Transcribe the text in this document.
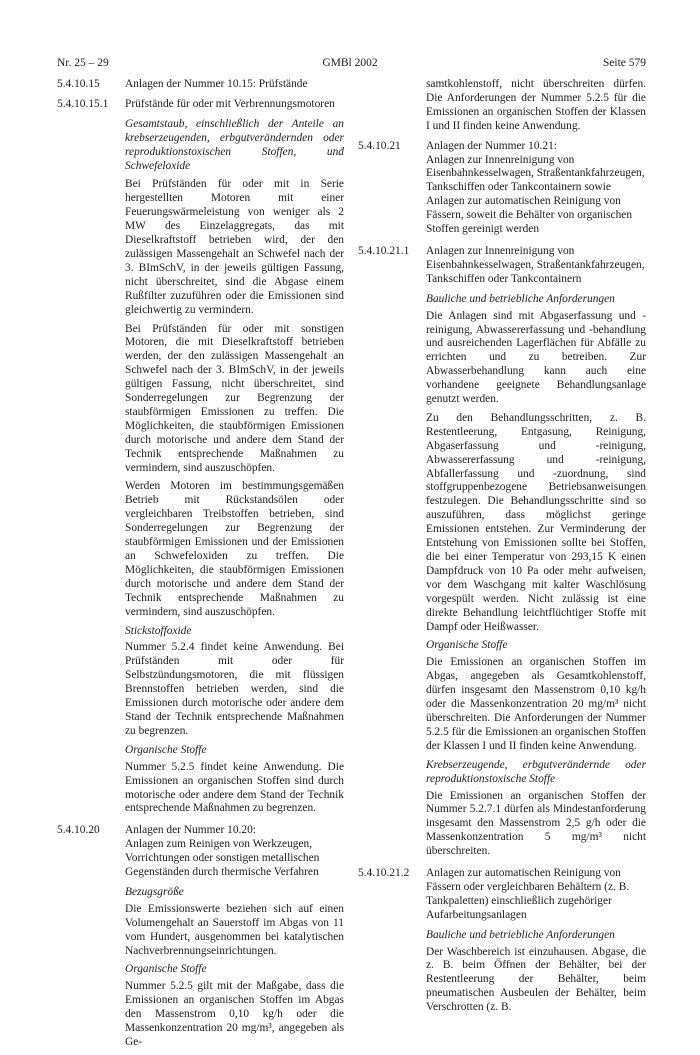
Nr. 25 – 29	GMBl 2002	Seite 579
5.4.10.15	Anlagen der Nummer 10.15: Prüfstände
5.4.10.15.1	Prüfstände für oder mit Verbrennungsmotoren

Gesamtstaub, einschließlich der Anteile an krebserzeugenden, erbgutverändernden oder reproduktionstoxischen Stoffen, und Schwefeloxide

Bei Prüfständen für oder mit in Serie hergestellten Motoren mit einer Feuerungswärmeleistung von weniger als 2 MW des Einzelaggregats, das mit Dieselkraftstoff betrieben wird, der den zulässigen Massengehalt an Schwefel nach der 3. BImSchV, in der jeweils gültigen Fassung, nicht überschreitet, sind die Abgase einem Rußfilter zuzuführen oder die Emissionen sind gleichwertig zu vermindern.

Bei Prüfständen für oder mit sonstigen Motoren, die mit Dieselkraftstoff betrieben werden, der den zulässigen Massengehalt an Schwefel nach der 3. BImSchV, in der jeweils gültigen Fassung, nicht überschreitet, sind Sonderregelungen zur Begrenzung der staubförmigen Emissionen zu treffen. Die Möglichkeiten, die staubförmigen Emissionen durch motorische und andere dem Stand der Technik entsprechende Maßnahmen zu vermindern, sind auszuschöpfen.

Werden Motoren im bestimmungsgemäßen Betrieb mit Rückstandsölen oder vergleichbaren Treibstoffen betrieben, sind Sonderregelungen zur Begrenzung der staubförmigen Emissionen und der Emissionen an Schwefeloxiden zu treffen. Die Möglichkeiten, die staubförmigen Emissionen durch motorische und andere dem Stand der Technik entsprechende Maßnahmen zu vermindern, sind auszuschöpfen.

Stickstoffoxide

Nummer 5.2.4 findet keine Anwendung. Bei Prüfständen mit oder für Selbstzündungsmotoren, die mit flüssigen Brennstoffen betrieben werden, sind die Emissionen durch motorische oder andere dem Stand der Technik entsprechende Maßnahmen zu begrenzen.

Organische Stoffe

Nummer 5.2.5 findet keine Anwendung. Die Emissionen an organischen Stoffen sind durch motorische oder andere dem Stand der Technik entsprechende Maßnahmen zu begrenzen.

5.4.10.20	Anlagen der Nummer 10.20:

Anlagen zum Reinigen von Werkzeugen, Vorrichtungen oder sonstigen metallischen Gegenständen durch thermische Verfahren

Bezugsgröße

Die Emissionswerte beziehen sich auf einen Volumengehalt an Sauerstoff im Abgas von 11 vom Hundert, ausgenommen bei katalytischen Nachverbrennungseinrichtungen.

Organische Stoffe

Nummer 5.2.5 gilt mit der Maßgabe, dass die Emissionen an organischen Stoffen im Abgas den Massenstrom 0,10 kg/h oder die Massenkonzentration 20 mg/m³, angegeben als Ge-

samtkohlenstoff, nicht überschreiten dürfen. Die Anforderungen der Nummer 5.2.5 für die Emissionen an organischen Stoffen der Klassen I und II finden keine Anwendung.
5.4.10.21	Anlagen der Nummer 10.21:

Anlagen zur Innenreinigung von Eisenbahnkesselwagen, Straßentankfahrzeugen, Tankschiffen oder Tankcontainern sowie Anlagen zur automatischen Reinigung von Fässern, soweit die Behälter von organischen Stoffen gereinigt werden

5.4.10.21.1	Anlagen zur Innenreinigung von Eisenbahnkesselwagen, Straßentankfahrzeugen, Tankschiffen oder Tankcontainern

Bauliche und betriebliche Anforderungen

Die Anlagen sind mit Abgaserfassung und -reinigung, Abwassererfassung und -behandlung und ausreichenden Lagerflächen für Abfälle zu errichten und zu betreiben. Zur Abwasserbehandlung kann auch eine vorhandene geeignete Behandlungsanlage genutzt werden.

Zu den Behandlungsschritten, z. B. Restentleerung, Entgasung, Reinigung, Abgaserfassung und -reinigung, Abwassererfassung und -reinigung, Abfallerfassung und -zuordnung, sind stoffgruppenbezogene Betriebsanweisungen festzulegen. Die Behandlungsschritte sind so auszuführen, dass möglichst geringe Emissionen entstehen. Zur Verminderung der Entstehung von Emissionen sollte bei Stoffen, die bei einer Temperatur von 293,15 K einen Dampfdruck von 10 Pa oder mehr aufweisen, vor dem Waschgang mit kalter Waschlösung vorgespült werden. Nicht zulässig ist eine direkte Behandlung leichtflüchtiger Stoffe mit Dampf oder Heißwasser.

Organische Stoffe

Die Emissionen an organischen Stoffen im Abgas, angegeben als Gesamtkohlenstoff, dürfen insgesamt den Massenstrom 0,10 kg/h oder die Massenkonzentration 20 mg/m³ nicht überschreiten. Die Anforderungen der Nummer 5.2.5 für die Emissionen an organischen Stoffen der Klassen I und II finden keine Anwendung.

Krebserzeugende, erbgutverändernde oder reproduktionstoxische Stoffe

Die Emissionen an organischen Stoffen der Nummer 5.2.7.1 dürfen als Mindestanforderung insgesamt den Massenstrom 2,5 g/h oder die Massenkonzentration 5 mg/m³ nicht überschreiten.

5.4.10.21.2	Anlagen zur automatischen Reinigung von Fässern oder vergleichbaren Behältern (z. B. Tankpaletten) einschließlich zugehöriger Aufarbeitungsanlagen

Bauliche und betriebliche Anforderungen

Der Waschbereich ist einzuhausen. Abgase, die z. B. beim Öffnen der Behälter, bei der Restentleerung der Behälter, beim pneumatischen Ausbeulen der Behälter, beim Verschrotten (z. B.
